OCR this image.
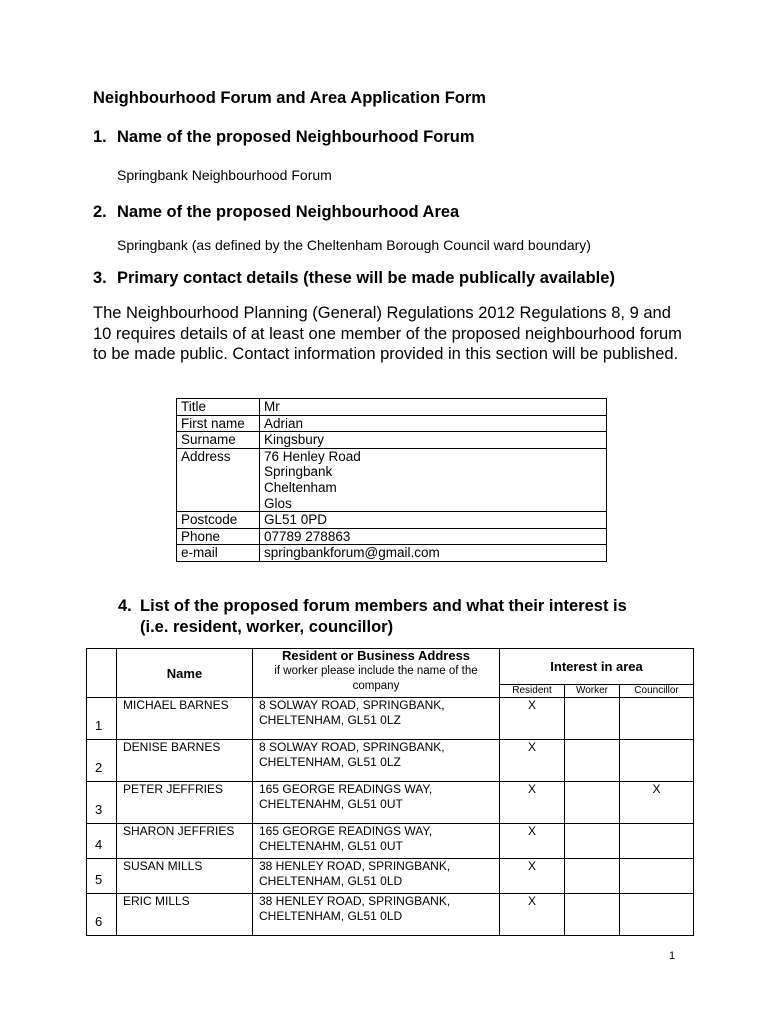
Neighbourhood Forum and Area Application Form
1. Name of the proposed Neighbourhood Forum
Springbank Neighbourhood Forum
2. Name of the proposed Neighbourhood Area
Springbank (as defined by the Cheltenham Borough Council ward boundary)
3. Primary contact details (these will be made publically available)
The Neighbourhood Planning (General) Regulations 2012 Regulations 8, 9 and 10 requires details of at least one member of the proposed neighbourhood forum to be made public. Contact information provided in this section will be published.
Title	Mr
First name	Adrian
Surname	Kingsbury
Address	76 Henley Road
Springbank
Cheltenham
Glos

Postcode	GL51 0PD
Phone	07789 278863
e-mail	springbankforum@gmail.com
4. List of the proposed forum members and what their interest is
(i.e. resident, worker, councillor)
	Name	Resident or Business Address
if worker please include the name of the company	Interest in area		
			Resident	Worker	Councillor
1	MICHAEL BARNES	8 SOLWAY ROAD, SPRINGBANK,
CHELTENHAM, GL51 0LZ	X		
2	DENISE BARNES	8 SOLWAY ROAD, SPRINGBANK,
CHELTENHAM, GL51 0LZ	X		
3	PETER JEFFRIES	165 GEORGE READINGS WAY,
CHELTENAHM, GL51 0UT	X		X
4	SHARON JEFFRIES	165 GEORGE READINGS WAY,
CHELTENAHM, GL51 0UT	X		
5	SUSAN MILLS	38 HENLEY ROAD, SPRINGBANK,
CHELTENHAM, GL51 0LD	X		
6	ERIC MILLS	38 HENLEY ROAD, SPRINGBANK,
CHELTENHAM, GL51 0LD	X		
1
